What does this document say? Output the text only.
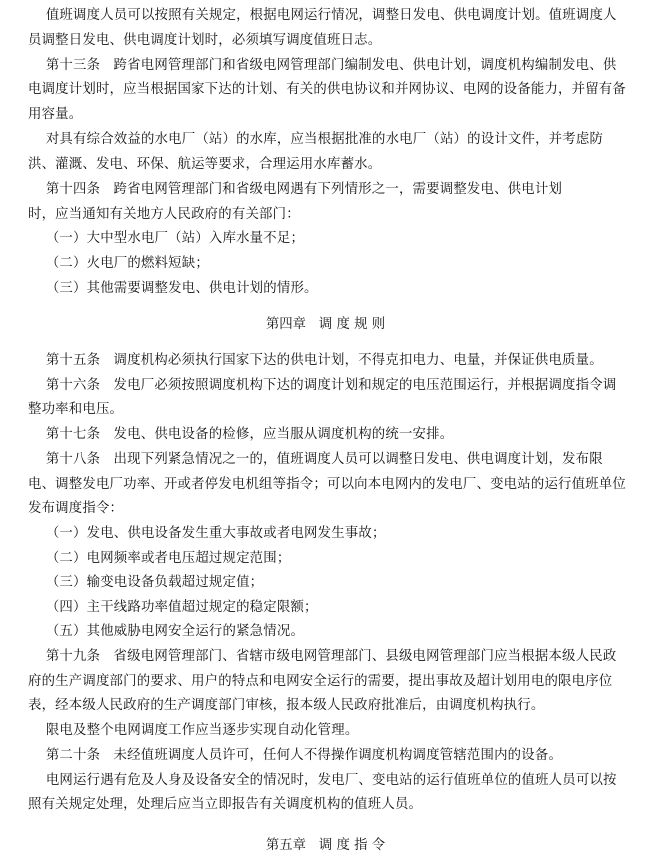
值班调度人员可以按照有关规定，根据电网运行情况，调整日发电、供电调度计划。值班调度人
员调整日发电、供电调度计划时，必须填写调度值班日志。
第十三条   跨省电网管理部门和省级电网管理部门编制发电、供电计划，调度机构编制发电、供
电调度计划时，应当根据国家下达的计划、有关的供电协议和并网协议、电网的设备能力，并留有备
用容量。
对具有综合效益的水电厂（站）的水库，应当根据批准的水电厂（站）的设计文件，并考虑防
洪、灌溉、发电、环保、航运等要求，合理运用水库蓄水。
第十四条   跨省电网管理部门和省级电网遇有下列情形之一，需要调整发电、供电计划
时，应当通知有关地方人民政府的有关部门：
（一）大中型水电厂（站）入库水量不足；
（二）火电厂的燃料短缺；
（三）其他需要调整发电、供电计划的情形。
第十五条   调度机构必须执行国家下达的供电计划，不得克扣电力、电量，并保证供电质量。
第十六条   发电厂必须按照调度机构下达的调度计划和规定的电压范围运行，并根据调度指令调
整功率和电压。
第十七条   发电、供电设备的检修，应当服从调度机构的统一安排。
第十八条   出现下列紧急情况之一的，值班调度人员可以调整日发电、供电调度计划，发布限
电、调整发电厂功率、开或者停发电机组等指令；可以向本电网内的发电厂、变电站的运行值班单位
发布调度指令：
（一）发电、供电设备发生重大事故或者电网发生事故；
（二）电网频率或者电压超过规定范围；
（三）输变电设备负载超过规定值；
（四）主干线路功率值超过规定的稳定限额；
（五）其他威胁电网安全运行的紧急情况。
第十九条   省级电网管理部门、省辖市级电网管理部门、县级电网管理部门应当根据本级人民政
府的生产调度部门的要求、用户的特点和电网安全运行的需要，提出事故及超计划用电的限电序位
表，经本级人民政府的生产调度部门审核，报本级人民政府批准后，由调度机构执行。
限电及整个电网调度工作应当逐步实现自动化管理。
第二十条   未经值班调度人员许可，任何人不得操作调度机构调度管辖范围内的设备。
电网运行遇有危及人身及设备安全的情况时，发电厂、变电站的运行值班单位的值班人员可以按
照有关规定处理，处理后应当立即报告有关调度机构的值班人员。
第四章   调 度 规 则
第五章   调 度 指 令
